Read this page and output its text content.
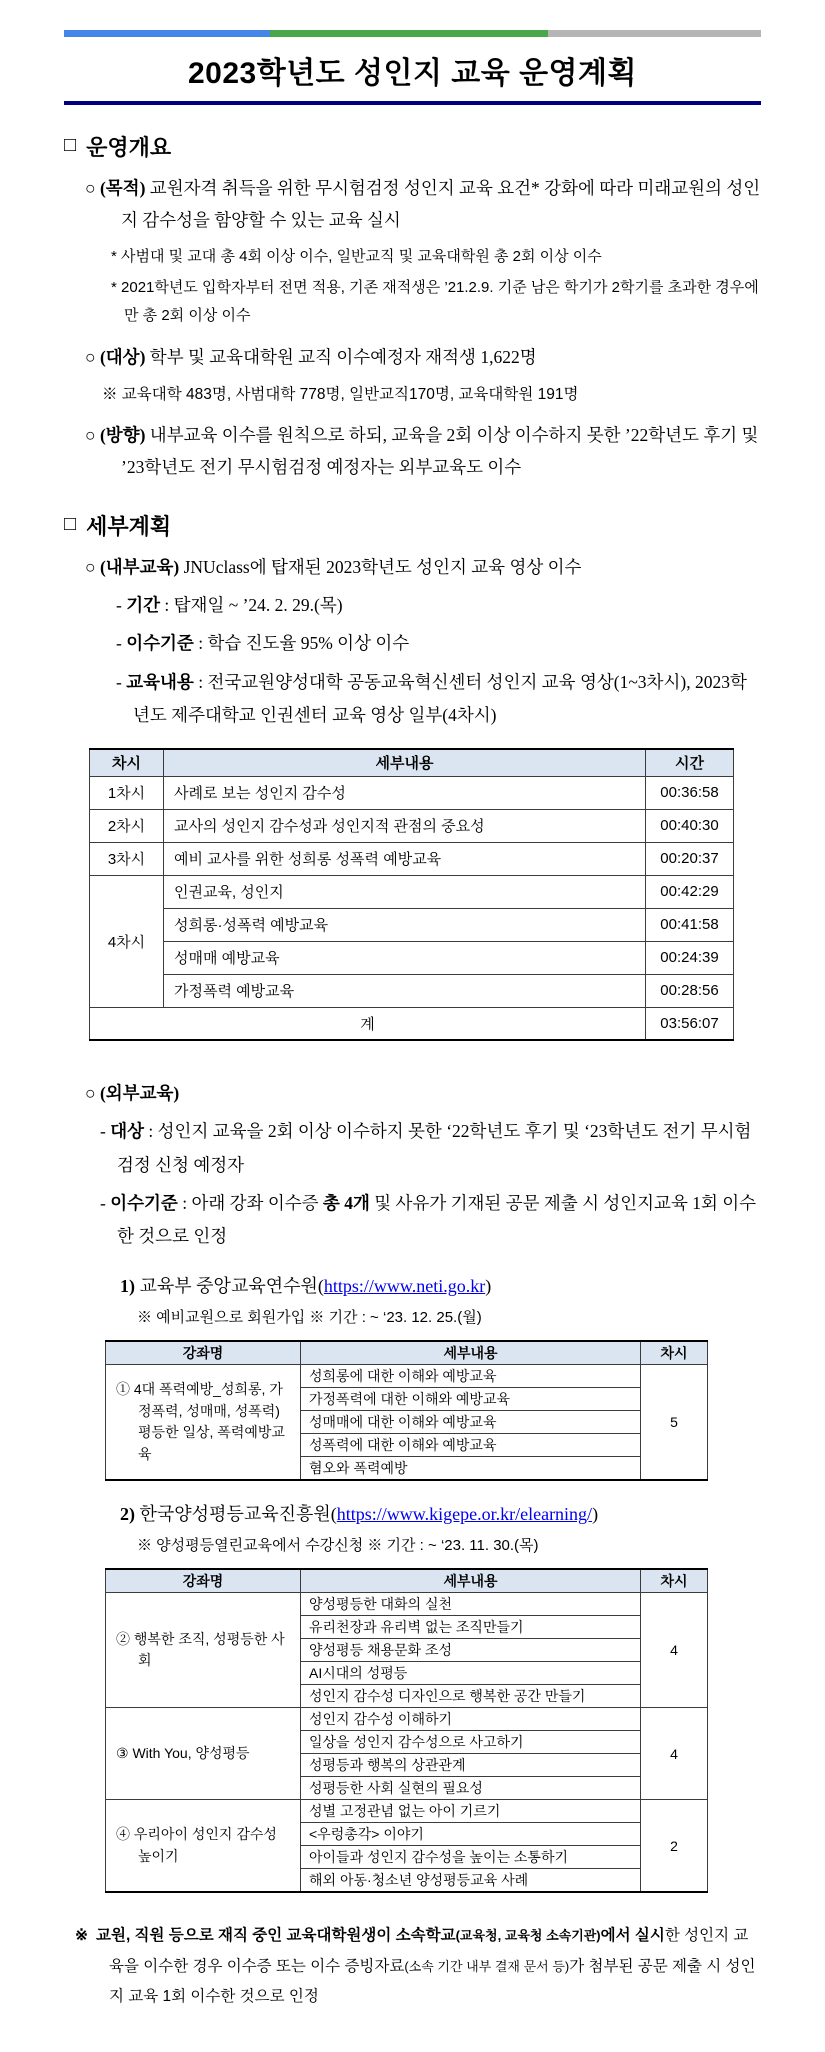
2023학년도 성인지 교육 운영계획
□ 운영개요

○ (목적) 교원자격 취득을 위한 무시험검정 성인지 교육 요건* 강화에 따라 미래교원의 성인지 감수성을 함양할 수 있는 교육 실시

* 사범대 및 교대 총 4회 이상 이수, 일반교직 및 교육대학원 총 2회 이상 이수

* 2021학년도 입학자부터 전면 적용, 기존 재적생은 ’21.2.9. 기준 남은 학기가 2학기를 초과한 경우에만 총 2회 이상 이수

○ (대상) 학부 및 교육대학원 교직 이수예정자 재적생 1,622명

※ 교육대학 483명, 사범대학 778명, 일반교직170명, 교육대학원 191명

○ (방향) 내부교육 이수를 원칙으로 하되, 교육을 2회 이상 이수하지 못한 ’22학년도 후기 및 ’23학년도 전기 무시험검정 예정자는 외부교육도 이수

□ 세부계획

○ (내부교육) JNUclass에 탑재된 2023학년도 성인지 교육 영상 이수

- 기간 : 탑재일 ~ ’24. 2. 29.(목)

- 이수기준 : 학습 진도율 95% 이상 이수

- 교육내용 : 전국교원양성대학 공동교육혁신센터 성인지 교육 영상(1~3차시), 2023학년도 제주대학교 인권센터 교육 영상 일부(4차시)

차시	세부내용	시간
1차시	사례로 보는 성인지 감수성	00:36:58
2차시	교사의 성인지 감수성과 성인지적 관점의 중요성	00:40:30
3차시	예비 교사를 위한 성희롱 성폭력 예방교육	00:20:37
4차시	인권교육, 성인지	00:42:29
	성희롱·성폭력 예방교육	00:41:58
	성매매 예방교육	00:24:39
	가정폭력 예방교육	00:28:56
계		03:56:07

○ (외부교육)

- 대상 : 성인지 교육을 2회 이상 이수하지 못한 ‘22학년도 후기 및 ‘23학년도 전기 무시험검정 신청 예정자

- 이수기준 : 아래 강좌 이수증 총 4개 및 사유가 기재된 공문 제출 시 성인지교육 1회 이수한 것으로 인정

1) 교육부 중앙교육연수원(https://www.neti.go.kr)

※ 예비교원으로 회원가입 ※ 기간 : ~ ‘23. 12. 25.(월)

강좌명	세부내용	차시
① 4대 폭력예방_성희롱, 가정폭력, 성매매, 성폭력)평등한 일상, 폭력예방교육	성희롱에 대한 이해와 예방교육	5
	가정폭력에 대한 이해와 예방교육	
	성매매에 대한 이해와 예방교육	
	성폭력에 대한 이해와 예방교육	
	혐오와 폭력예방	

2) 한국양성평등교육진흥원(https://www.kigepe.or.kr/elearning/)

※ 양성평등열린교육에서 수강신청 ※ 기간 : ~ ‘23. 11. 30.(목)

강좌명	세부내용	차시
② 행복한 조직, 성평등한 사회	양성평등한 대화의 실천	4
	유리천장과 유리벽 없는 조직만들기	
	양성평등 채용문화 조성	
	AI시대의 성평등	
	성인지 감수성 디자인으로 행복한 공간 만들기	
③ With You, 양성평등	성인지 감수성 이해하기	4
	일상을 성인지 감수성으로 사고하기	
	성평등과 행복의 상관관계	
	성평등한 사회 실현의 필요성	
④ 우리아이 성인지 감수성 높이기	성별 고정관념 없는 아이 기르기	2
	<우렁총각> 이야기	
	아이들과 성인지 감수성을 높이는 소통하기	
	해외 아동·청소년 양성평등교육 사례	

※ 교원, 직원 등으로 재직 중인 교육대학원생이 소속학교(교육청, 교육청 소속기관)에서 실시한 성인지 교육을 이수한 경우 이수증 또는 이수 증빙자료(소속 기간 내부 결재 문서 등)가 첨부된 공문 제출 시 성인지 교육 1회 이수한 것으로 인정
